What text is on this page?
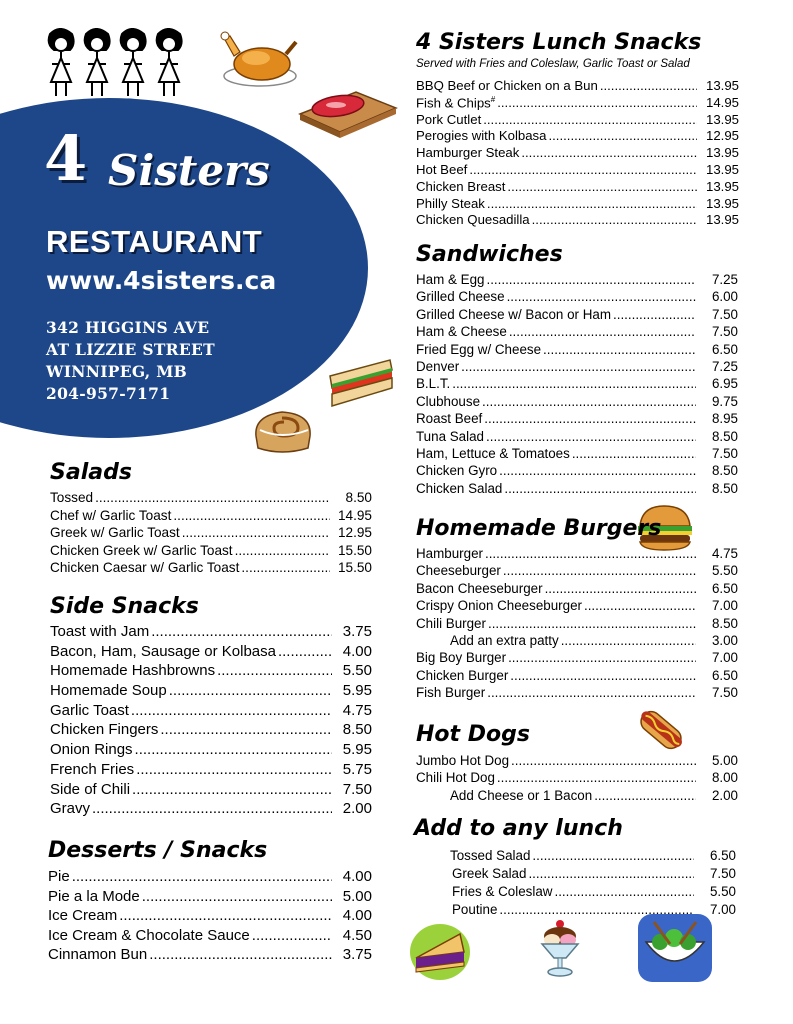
4 Sisters
RESTAURANT
www.4sisters.ca
342 HIGGINS AVE
AT LIZZIE STREET
WINNIPEG, MB
204-957-7171
4 Sisters Lunch Snacks
Served with Fries and Coleslaw, Garlic Toast or Salad
BBQ Beef or Chicken on a Bun .....	13.95
Fish & Chips# .....	14.95
Pork Cutlet .....	13.95
Perogies with Kolbasa .....	12.95
Hamburger Steak .....	13.95
Hot Beef .....	13.95
Chicken Breast .....	13.95
Philly Steak .....	13.95
Chicken Quesadilla .....	13.95
Sandwiches
Ham & Egg .....	7.25
Grilled Cheese .....	6.00
Grilled Cheese w/ Bacon or Ham .....	7.50
Ham & Cheese .....	7.50
Fried Egg w/ Cheese .....	6.50
Denver .....	7.25
B.L.T. .....	6.95
Clubhouse .....	9.75
Roast Beef .....	8.95
Tuna Salad .....	8.50
Ham, Lettuce & Tomatoes .....	7.50
Chicken Gyro .....	8.50
Chicken Salad .....	8.50
Homemade Burgers
Hamburger .....	4.75
Cheeseburger .....	5.50
Bacon Cheeseburger .....	6.50
Crispy Onion Cheeseburger .....	7.00
Chili Burger .....	8.50
Add an extra patty .....	3.00
Big Boy Burger .....	7.00
Chicken Burger .....	6.50
Fish Burger .....	7.50
Hot Dogs
Jumbo Hot Dog .....	5.00
Chili Hot Dog .....	8.00
Add Cheese or 1 Bacon .....	2.00
Add to any lunch
Tossed Salad .....	6.50
Greek Salad .....	7.50
Fries & Coleslaw .....	5.50
Poutine .....	7.00
Salads
Tossed .....	8.50
Chef w/ Garlic Toast .....	14.95
Greek w/ Garlic Toast .....	12.95
Chicken Greek w/ Garlic Toast .....	15.50
Chicken Caesar w/ Garlic Toast .....	15.50
Side Snacks
Toast with Jam .....	3.75
Bacon, Ham, Sausage or Kolbasa .....	4.00
Homemade Hashbrowns .....	5.50
Homemade Soup .....	5.95
Garlic Toast .....	4.75
Chicken Fingers .....	8.50
Onion Rings .....	5.95
French Fries .....	5.75
Side of Chili .....	7.50
Gravy .....	2.00
Desserts / Snacks
Pie .....	4.00
Pie a la Mode .....	5.00
Ice Cream .....	4.00
Ice Cream & Chocolate Sauce .....	4.50
Cinnamon Bun .....	3.75
